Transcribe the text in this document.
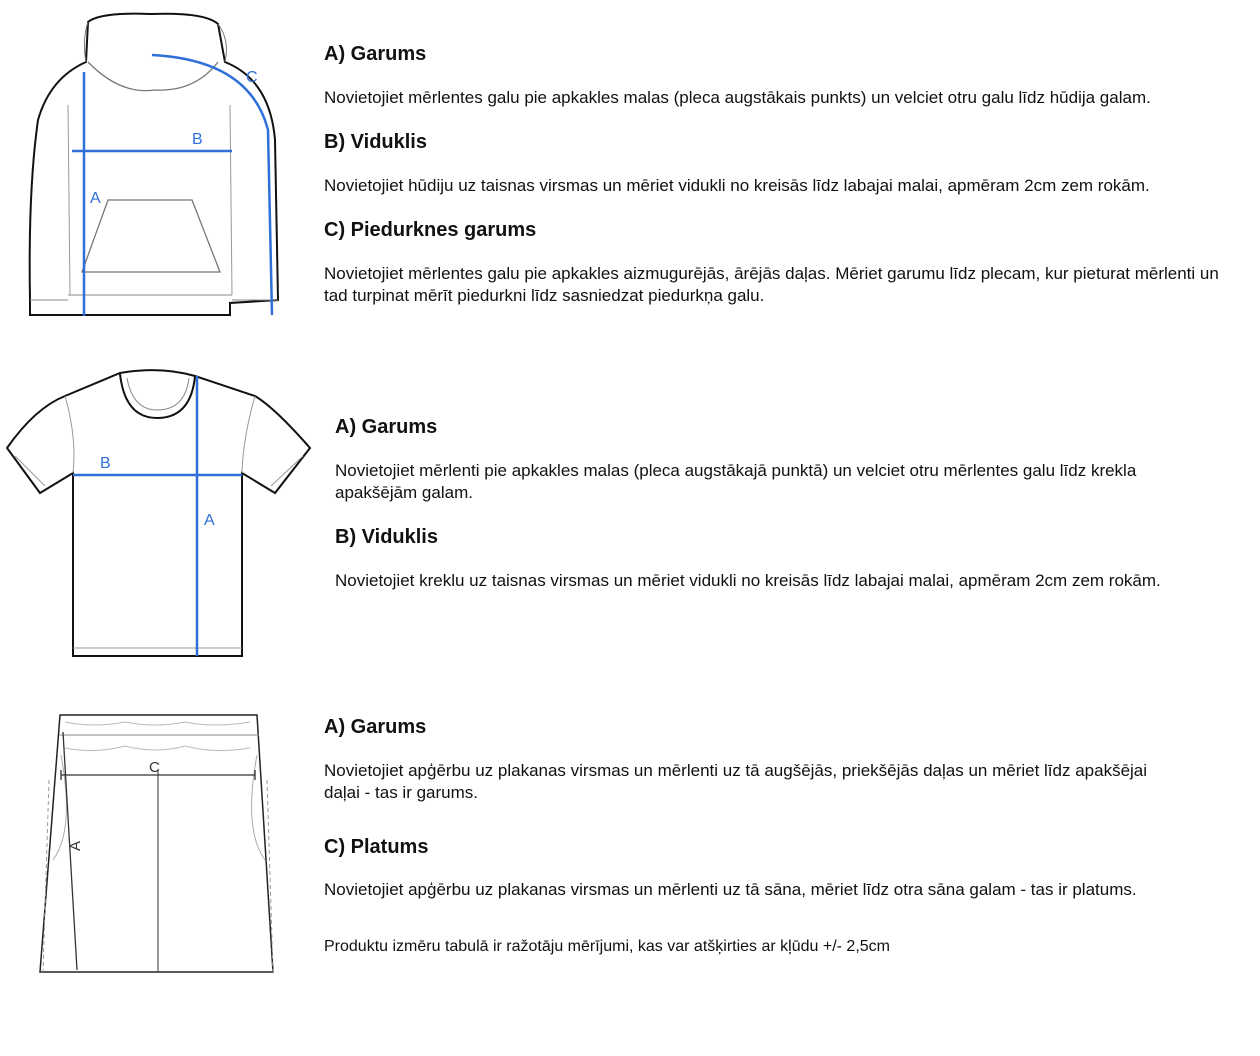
A
B
C

A) Garums

Novietojiet mērlentes galu pie apkakles malas (pleca augstākais punkts) un velciet otru galu līdz hūdija galam.

B) Viduklis

Novietojiet hūdiju uz taisnas virsmas un mēriet vidukli no kreisās līdz labajai malai, apmēram 2cm zem rokām.

C) Piedurknes garums

Novietojiet mērlentes galu pie apkakles aizmugurējās, ārējās daļas. Mēriet garumu līdz plecam, kur pieturat mērlenti un tad turpinat mērīt piedurkni līdz sasniedzat piedurkņa galu.

B
A

A) Garums

Novietojiet mērlenti pie apkakles malas (pleca augstākajā punktā) un velciet otru mērlentes galu līdz krekla apakšējām galam.

B) Viduklis

Novietojiet kreklu uz taisnas virsmas un mēriet vidukli no kreisās līdz labajai malai, apmēram 2cm zem rokām.

C
A

A) Garums

Novietojiet apģērbu uz plakanas virsmas un mērlenti uz tā augšējās, priekšējās daļas un mēriet līdz apakšējai daļai - tas ir garums.

C) Platums

Novietojiet apģērbu uz plakanas virsmas un mērlenti uz tā sāna, mēriet līdz otra sāna galam - tas ir platums.

Produktu izmēru tabulā ir ražotāju mērījumi, kas var atšķirties ar kļūdu +/- 2,5cm
